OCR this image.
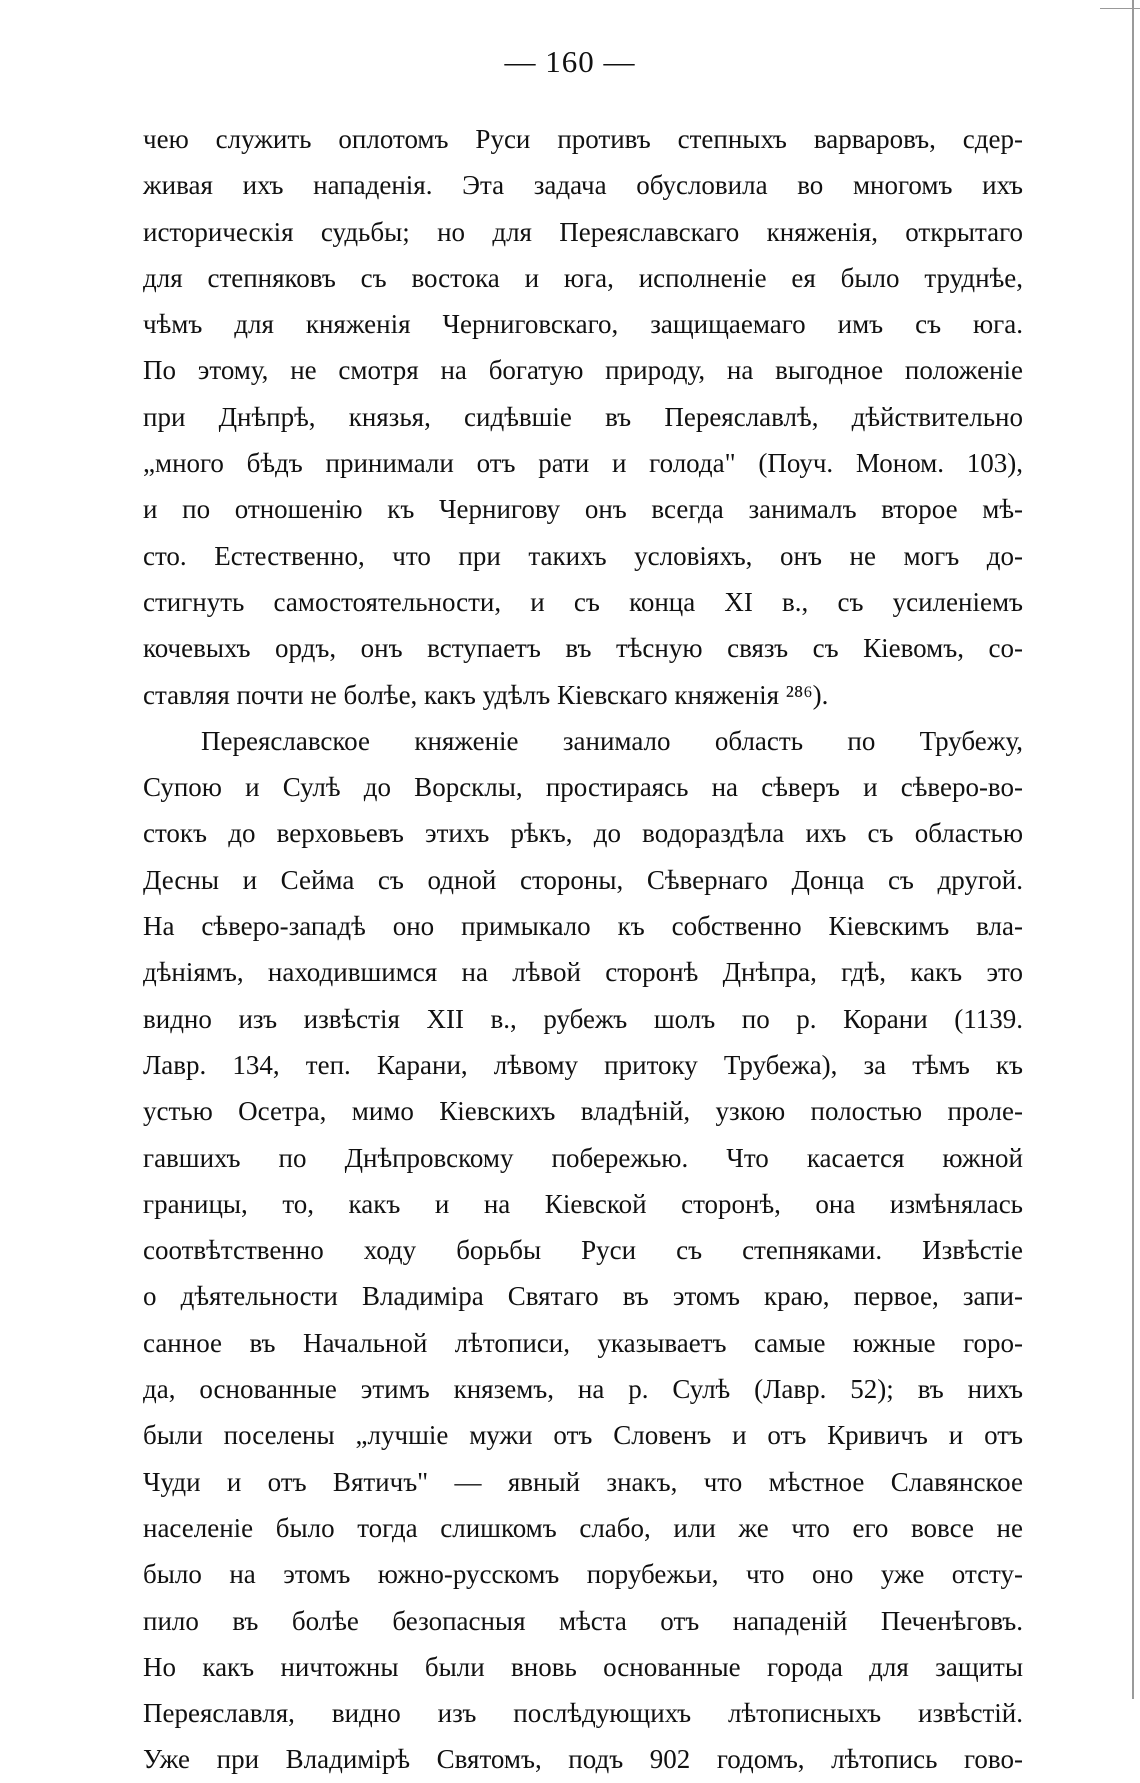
— 160 —
чею служить оплотомъ Руси противъ степныхъ варваровъ, сдер-
живая ихъ нападенія. Эта задача обусловила во многомъ ихъ
историческія судьбы; но для Переяславскаго княженія, открытаго
для степняковъ съ востока и юга, исполненіе ея было труднѣе,
чѣмъ для княженія Черниговскаго, защищаемаго имъ съ юга.
По этому, не смотря на богатую природу, на выгодное положеніе
при Днѣпрѣ, князья, сидѣвшіе въ Переяславлѣ, дѣйствительно
„много бѣдъ принимали отъ рати и голода" (Поуч. Моном. 103),
и по отношенію къ Чернигову онъ всегда занималъ второе мѣ-
сто. Естественно, что при такихъ условіяхъ, онъ не могъ до-
стигнуть самостоятельности, и съ конца XI в., съ усиленіемъ
кочевыхъ ордъ, онъ вступаетъ въ тѣсную связъ съ Кіевомъ, со-
ставляя почти не болѣе, какъ удѣлъ Кіевскаго княженія ²⁸⁶).
Переяславское княженіе занимало область по Трубежу,
Супою и Сулѣ до Ворсклы, простираясь на сѣверъ и сѣверо-во-
стокъ до верховьевъ этихъ рѣкъ, до водораздѣла ихъ съ областью
Десны и Сейма съ одной стороны, Сѣвернаго Донца съ другой.
На сѣверо-западѣ оно примыкало къ собственно Кіевскимъ вла-
дѣніямъ, находившимся на лѣвой сторонѣ Днѣпра, гдѣ, какъ это
видно изъ извѣстія XII в., рубежъ шолъ по р. Корани (1139.
Лавр. 134, теп. Карани, лѣвому притоку Трубежа), за тѣмъ къ
устью Осетра, мимо Кіевскихъ владѣній, узкою полостью проле-
гавшихъ по Днѣпровскому побережью. Что касается южной
границы, то, какъ и на Кіевской сторонѣ, она измѣнялась
соотвѣтственно ходу борьбы Руси съ степняками. Извѣстіе
о дѣятельности Владиміра Святаго въ этомъ краю, первое, запи-
санное въ Начальной лѣтописи, указываетъ самые южные горо-
да, основанные этимъ княземъ, на р. Сулѣ (Лавр. 52); въ нихъ
были поселены „лучшіе мужи отъ Словенъ и отъ Кривичъ и отъ
Чуди и отъ Вятичъ" — явный знакъ, что мѣстное Славянское
населеніе было тогда слишкомъ слабо, или же что его вовсе не
было на этомъ южно-русскомъ порубежьи, что оно уже отсту-
пило въ болѣе безопасныя мѣста отъ нападеній Печенѣговъ.
Но какъ ничтожны были вновь основанные города для защиты
Переяславля, видно изъ послѣдующихъ лѣтописныхъ извѣстій.
Уже при Владимірѣ Святомъ, подъ 902 годомъ, лѣтопись гово-
